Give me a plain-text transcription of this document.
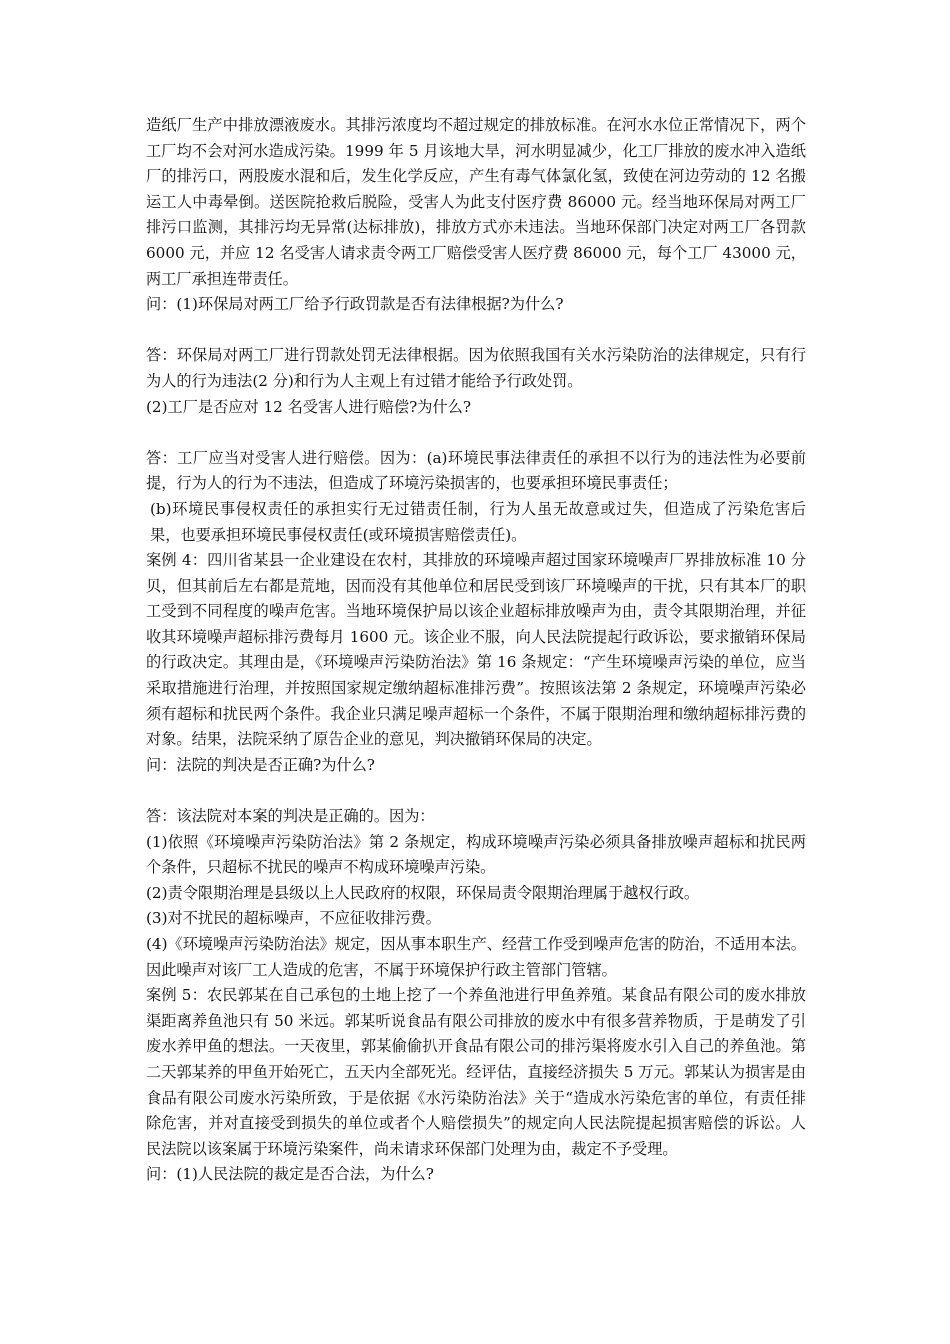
造纸厂生产中排放漂液废水。其排污浓度均不超过规定的排放标准。在河水水位正常情况下，两个工厂均不会对河水造成污染。1999 年 5 月该地大旱，河水明显减少，化工厂排放的废水冲入造纸厂的排污口，两股废水混和后，发生化学反应，产生有毒气体氯化氢，致使在河边劳动的 12 名搬运工人中毒晕倒。送医院抢救后脱险，受害人为此支付医疗费 86000 元。经当地环保局对两工厂排污口监测，其排污均无异常(达标排放)，排放方式亦未违法。当地环保部门决定对两工厂各罚款 6000 元，并应 12 名受害人请求责令两工厂赔偿受害人医疗费 86000 元，每个工厂 43000 元，两工厂承担连带责任。

问：(1)环保局对两工厂给予行政罚款是否有法律根据?为什么?

答：环保局对两工厂进行罚款处罚无法律根据。因为依照我国有关水污染防治的法律规定，只有行为人的行为违法(2 分)和行为人主观上有过错才能给予行政处罚。

(2)工厂是否应对 12 名受害人进行赔偿?为什么?

答：工厂应当对受害人进行赔偿。因为：(a)环境民事法律责任的承担不以行为的违法性为必要前提，行为人的行为不违法，但造成了环境污染损害的，也要承担环境民事责任；

(b)环境民事侵权责任的承担实行无过错责任制，行为人虽无故意或过失，但造成了污染危害后果，也要承担环境民事侵权责任(或环境损害赔偿责任)。

案例 4：四川省某县一企业建设在农村，其排放的环境噪声超过国家环境噪声厂界排放标准 10 分贝，但其前后左右都是荒地，因而没有其他单位和居民受到该厂环境噪声的干扰，只有其本厂的职工受到不同程度的噪声危害。当地环境保护局以该企业超标排放噪声为由，责令其限期治理，并征收其环境噪声超标排污费每月 1600 元。该企业不服，向人民法院提起行政诉讼，要求撤销环保局的行政决定。其理由是，《环境噪声污染防治法》第 16 条规定：“产生环境噪声污染的单位，应当采取措施进行治理，并按照国家规定缴纳超标准排污费”。按照该法第 2 条规定，环境噪声污染必须有超标和扰民两个条件。我企业只满足噪声超标一个条件，不属于限期治理和缴纳超标排污费的对象。结果，法院采纳了原告企业的意见，判决撤销环保局的决定。

问：法院的判决是否正确?为什么?

答：该法院对本案的判决是正确的。因为：

(1)依照《环境噪声污染防治法》第 2 条规定，构成环境噪声污染必须具备排放噪声超标和扰民两个条件，只超标不扰民的噪声不构成环境噪声污染。

(2)责令限期治理是县级以上人民政府的权限，环保局责令限期治理属于越权行政。

(3)对不扰民的超标噪声，不应征收排污费。

(4)《环境噪声污染防治法》规定，因从事本职生产、经营工作受到噪声危害的防治，不适用本法。因此噪声对该厂工人造成的危害，不属于环境保护行政主管部门管辖。

案例 5：农民郭某在自己承包的土地上挖了一个养鱼池进行甲鱼养殖。某食品有限公司的废水排放渠距离养鱼池只有 50 米远。郭某听说食品有限公司排放的废水中有很多营养物质，于是萌发了引废水养甲鱼的想法。一天夜里，郭某偷偷扒开食品有限公司的排污渠将废水引入自己的养鱼池。第二天郭某养的甲鱼开始死亡，五天内全部死光。经评估，直接经济损失 5 万元。郭某认为损害是由食品有限公司废水污染所致，于是依据《水污染防治法》关于“造成水污染危害的单位，有责任排除危害，并对直接受到损失的单位或者个人赔偿损失”的规定向人民法院提起损害赔偿的诉讼。人民法院以该案属于环境污染案件，尚未请求环保部门处理为由，裁定不予受理。

问：(1)人民法院的裁定是否合法，为什么?
